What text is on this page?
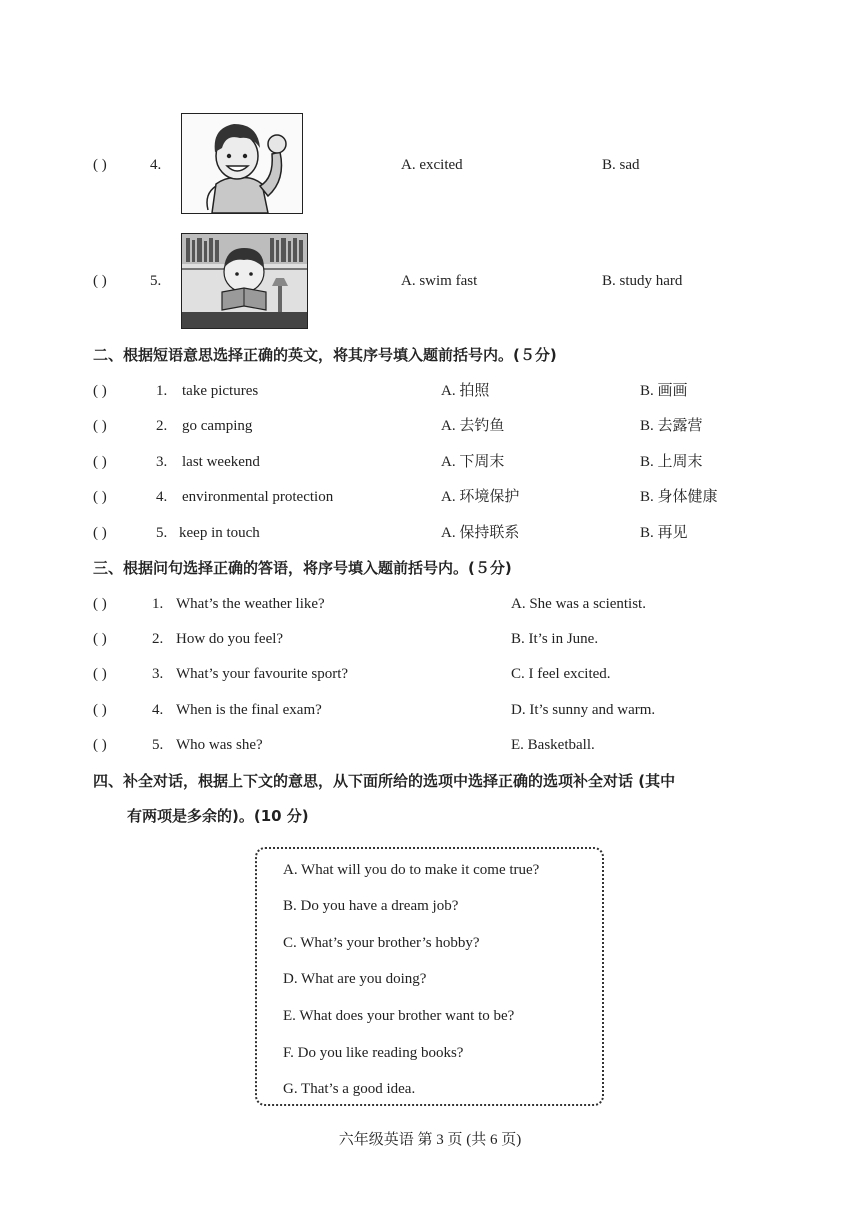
( )	4.	A. excited	B. sad
( )	5.	A. swim fast	B. study hard
二、根据短语意思选择正确的英文，将其序号填入题前括号内。(５分)
( )	1. take pictures	A. 拍照	B. 画画
( )	2. go camping	A. 去钓鱼	B. 去露营
( )	3. last weekend	A. 下周末	B. 上周末
( )	4. environmental protection	A. 环境保护	B. 身体健康
( )	5. keep in touch	A. 保持联系	B. 再见
三、根据问句选择正确的答语，将序号填入题前括号内。(５分)
( )	1. What’s the weather like?	A. She was a scientist.
( )	2. How do you feel?	B. It’s in June.
( )	3. What’s your favourite sport?	C. I feel excited.
( )	4. When is the final exam?	D. It’s sunny and warm.
( )	5. Who was she?	E. Basketball.
四、补全对话，根据上下文的意思，从下面所给的选项中选择正确的选项补全对话 (其中
有两项是多余的)。(10 分)
A. What will you do to make it come true?
B. Do you have a dream job?
C. What’s your brother’s hobby?
D. What are you doing?
E. What does your brother want to be?
F. Do you like reading books?
G. That’s a good idea.
六年级英语 第 3 页 (共 6 页)
